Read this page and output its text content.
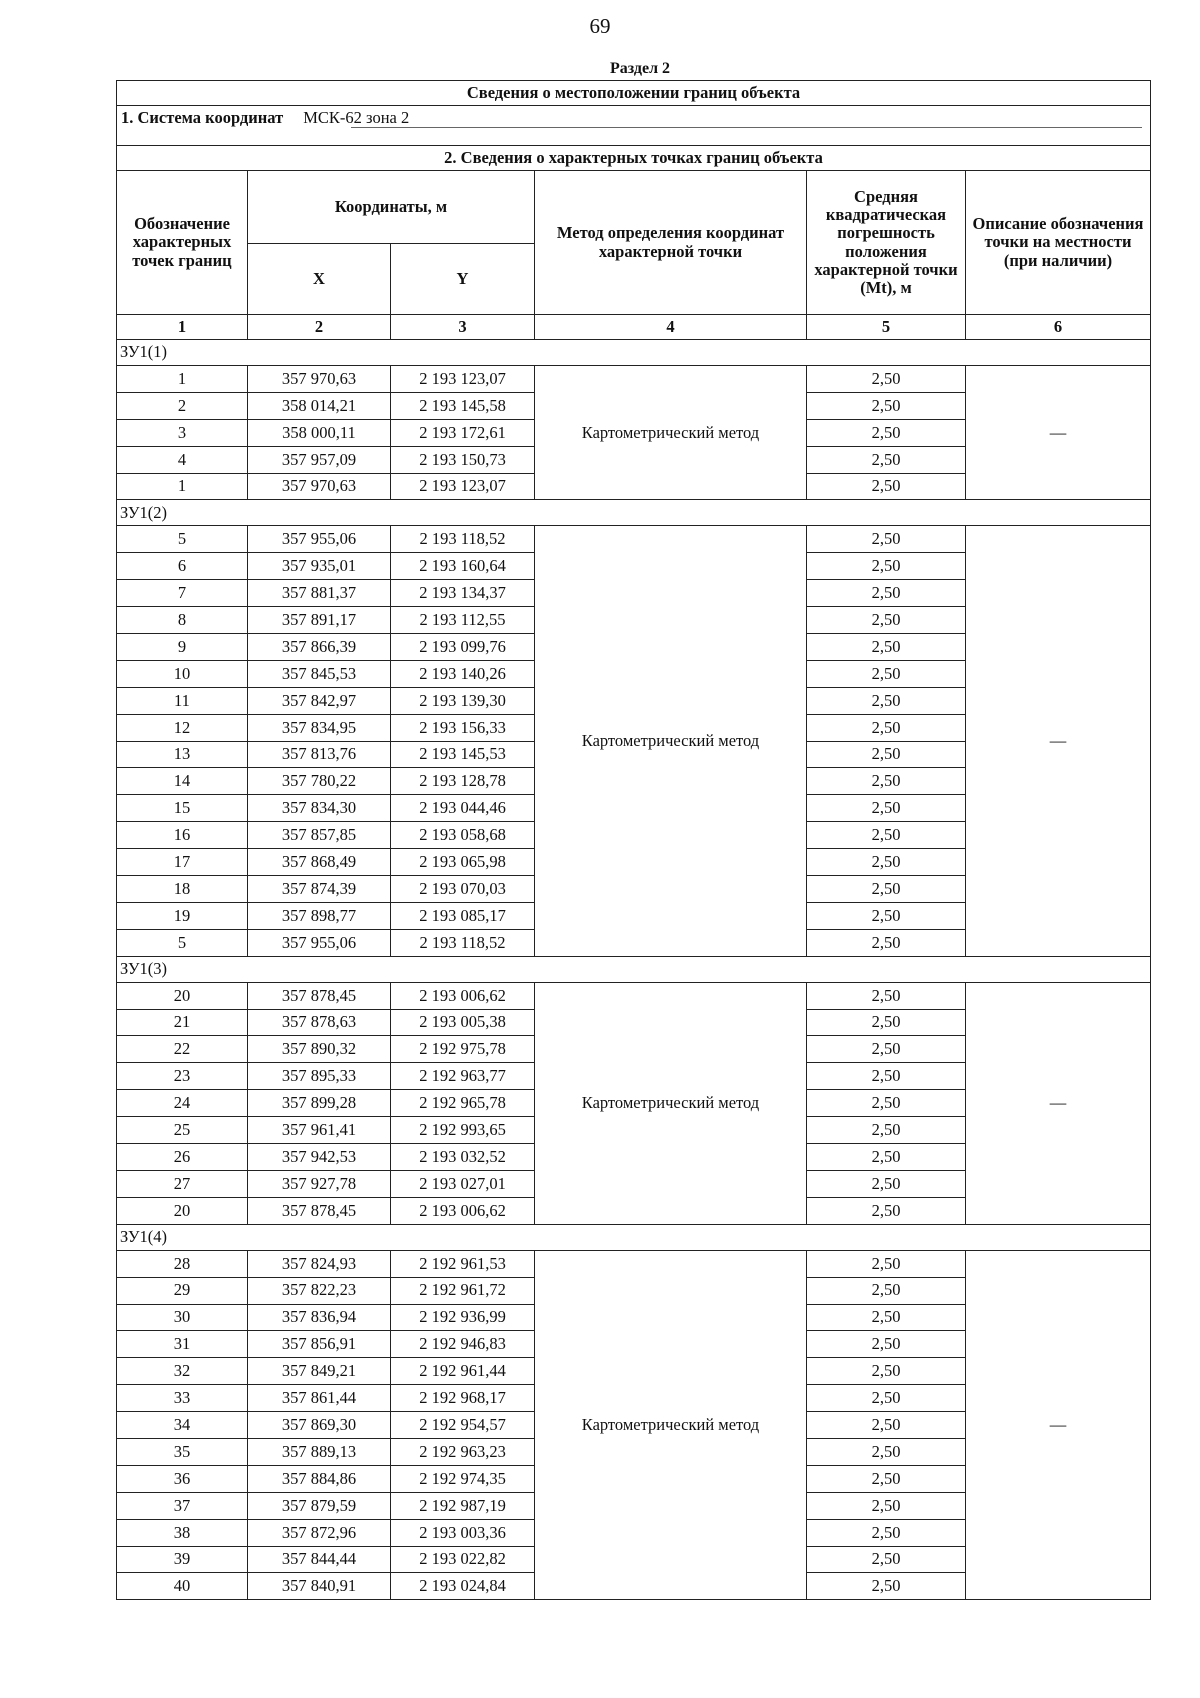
69
Раздел 2
Сведения о местоположении границ объекта					
1. Система координат МСК-62 зона 2					

2. Сведения о характерных точках границ объекта					
Обозначение характерных точек границ	Координаты, м		Метод определения координат характерной точки	Средняя квадратическая погрешность положения характерной точки (Mt), м	Описание обозначения точки на местности (при наличии)
	X	Y			
1	2	3	4	5	6
ЗУ1(1)					
1	357 970,63	2 193 123,07	Картометрический метод	2,50	—
2	358 014,21	2 193 145,58		2,50	
3	358 000,11	2 193 172,61		2,50	
4	357 957,09	2 193 150,73		2,50	
1	357 970,63	2 193 123,07		2,50	
ЗУ1(2)					
5	357 955,06	2 193 118,52	Картометрический метод	2,50	—
6	357 935,01	2 193 160,64		2,50	
7	357 881,37	2 193 134,37		2,50	
8	357 891,17	2 193 112,55		2,50	
9	357 866,39	2 193 099,76		2,50	
10	357 845,53	2 193 140,26		2,50	
11	357 842,97	2 193 139,30		2,50	
12	357 834,95	2 193 156,33		2,50	
13	357 813,76	2 193 145,53		2,50	
14	357 780,22	2 193 128,78		2,50	
15	357 834,30	2 193 044,46		2,50	
16	357 857,85	2 193 058,68		2,50	
17	357 868,49	2 193 065,98		2,50	
18	357 874,39	2 193 070,03		2,50	
19	357 898,77	2 193 085,17		2,50	
5	357 955,06	2 193 118,52		2,50	
ЗУ1(3)					
20	357 878,45	2 193 006,62	Картометрический метод	2,50	—
21	357 878,63	2 193 005,38		2,50	
22	357 890,32	2 192 975,78		2,50	
23	357 895,33	2 192 963,77		2,50	
24	357 899,28	2 192 965,78		2,50	
25	357 961,41	2 192 993,65		2,50	
26	357 942,53	2 193 032,52		2,50	
27	357 927,78	2 193 027,01		2,50	
20	357 878,45	2 193 006,62		2,50	
ЗУ1(4)					
28	357 824,93	2 192 961,53	Картометрический метод	2,50	—
29	357 822,23	2 192 961,72		2,50	
30	357 836,94	2 192 936,99		2,50	
31	357 856,91	2 192 946,83		2,50	
32	357 849,21	2 192 961,44		2,50	
33	357 861,44	2 192 968,17		2,50	
34	357 869,30	2 192 954,57		2,50	
35	357 889,13	2 192 963,23		2,50	
36	357 884,86	2 192 974,35		2,50	
37	357 879,59	2 192 987,19		2,50	
38	357 872,96	2 193 003,36		2,50	
39	357 844,44	2 193 022,82		2,50	
40	357 840,91	2 193 024,84		2,50	
